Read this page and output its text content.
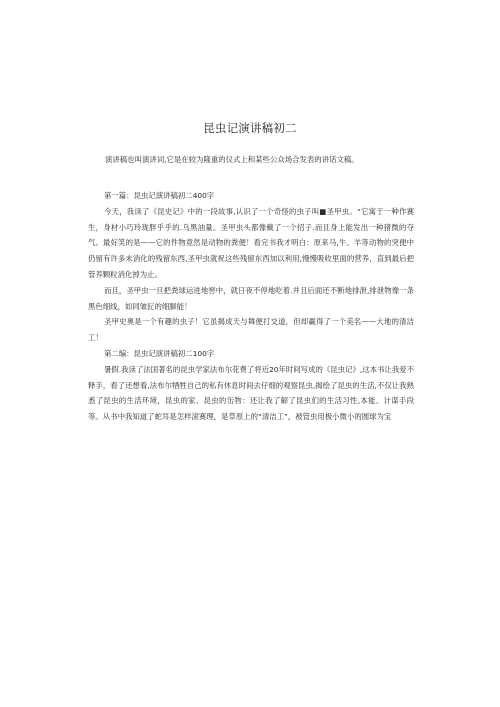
昆虫记演讲稿初二
演讲稿也叫演讲词,它是在较为隆重的仪式上和某些公众场合发表的讲话文稿。

第一篇：昆虫记演讲稿初二400字

今天，我读了《昆史记》中的一段故事,认识了一个奇怪的虫子叫■圣甲虫。“它寓于一种作赛生，身材小巧玲珑胖乎乎的.乌黑油量。圣甲虫头都像戴了一个招子.而且身上能发出一种猪微的夺气。最好笑的是——它的件物竟然是动物的粪便！看完书我才明白：原来马,牛、羊等动物的突便中仍留有许多未消化的残留东西,圣甲虫就祝这些残留东西加以利用,慢慢吸收里面的营养，直到最后把管养颗粒消化掉为止。

而且，圣甲虫一旦把粪球运进地窖中，就日夜不停地吃着.并且后面还不断地排泄,排泄物像一条黑色细线，如同皱匠的细脚能！

圣甲史奥是一个有趣的虫子！它虽揭成天与舞便打交道，但却赢得了一个美名——大地的清洁工！

第二编：昆虫记演讲稿初二100字

暑假.我读了法国著名的昆虫学家法布尔花费了将近20年时间写成的《昆虫记》,这本书让我爱不释手，看了还想看,法布尔牺牲自己的私有休息时间去仔细的观察昆虫,揭绘了昆虫的生活,不仅让我熟悉了昆虫的生活环境，昆虫的家、昆虫的缶物：还让我了解了昆虫们的生活习性,本能、计谋手段等。从书中我知道了蛇耳是怎样滚赛理，是草原上的“清洁工”，被管虫用极小微小的圆球为宝
